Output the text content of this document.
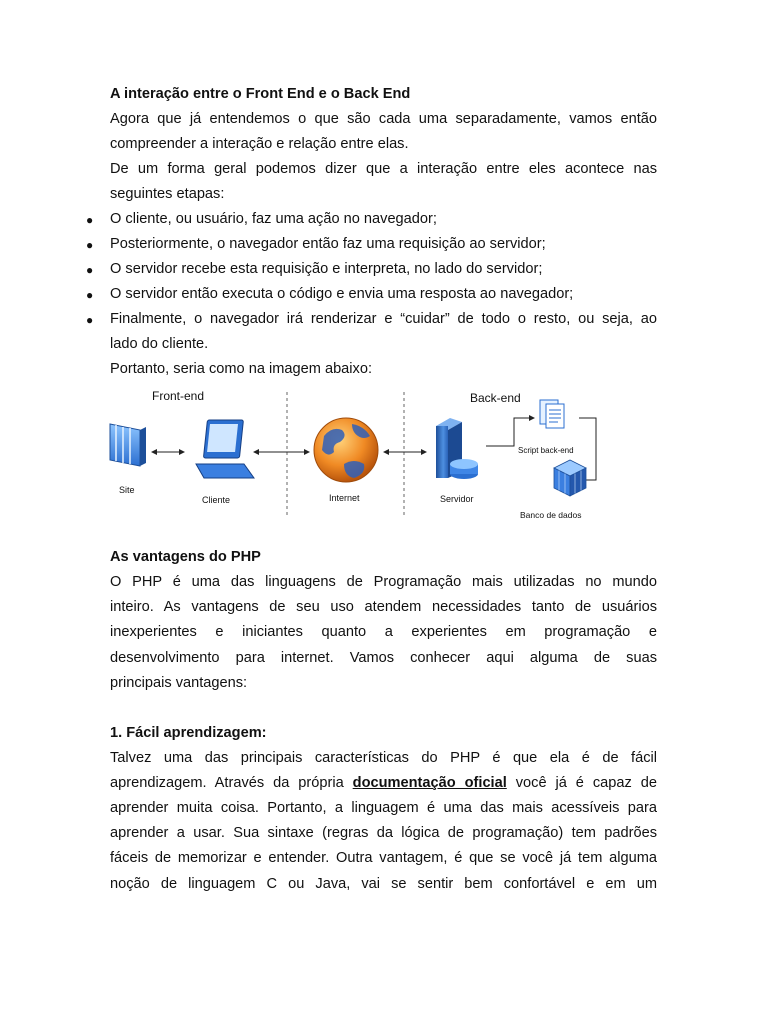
A interação entre o Front End e o Back End
Agora que já entendemos o que são cada uma separadamente, vamos então
compreender a interação e relação entre elas.
De um forma geral podemos dizer que a interação entre eles acontece nas
seguintes etapas:
● O cliente, ou usuário, faz uma ação no navegador;
● Posteriormente, o navegador então faz uma requisição ao servidor;
● O servidor recebe esta requisição e interpreta, no lado do servidor;
● O servidor então executa o código e envia uma resposta ao navegador;
● Finalmente, o navegador irá renderizar e “cuidar” de todo o resto, ou seja, ao
lado do cliente.
Portanto, seria como na imagem abaixo:
Front-end	Back-end
Site
Cliente	Internet	Servidor
Script back-end
Banco de dados
As vantagens do PHP
O PHP é uma das linguagens de Programação mais utilizadas no mundo
inteiro. As vantagens de seu uso atendem necessidades tanto de usuários
inexperientes e iniciantes quanto a experientes em programação e
desenvolvimento para internet. Vamos conhecer aqui alguma de suas
principais vantagens:
1. Fácil aprendizagem:
Talvez uma das principais características do PHP é que ela é de fácil
aprendizagem. Através da própria documentação oficial você já é capaz de
aprender muita coisa. Portanto, a linguagem é uma das mais acessíveis para
aprender a usar. Sua sintaxe (regras da lógica de programação) tem padrões
fáceis de memorizar e entender. Outra vantagem, é que se você já tem alguma
noção de linguagem C ou Java, vai se sentir bem confortável e em um
